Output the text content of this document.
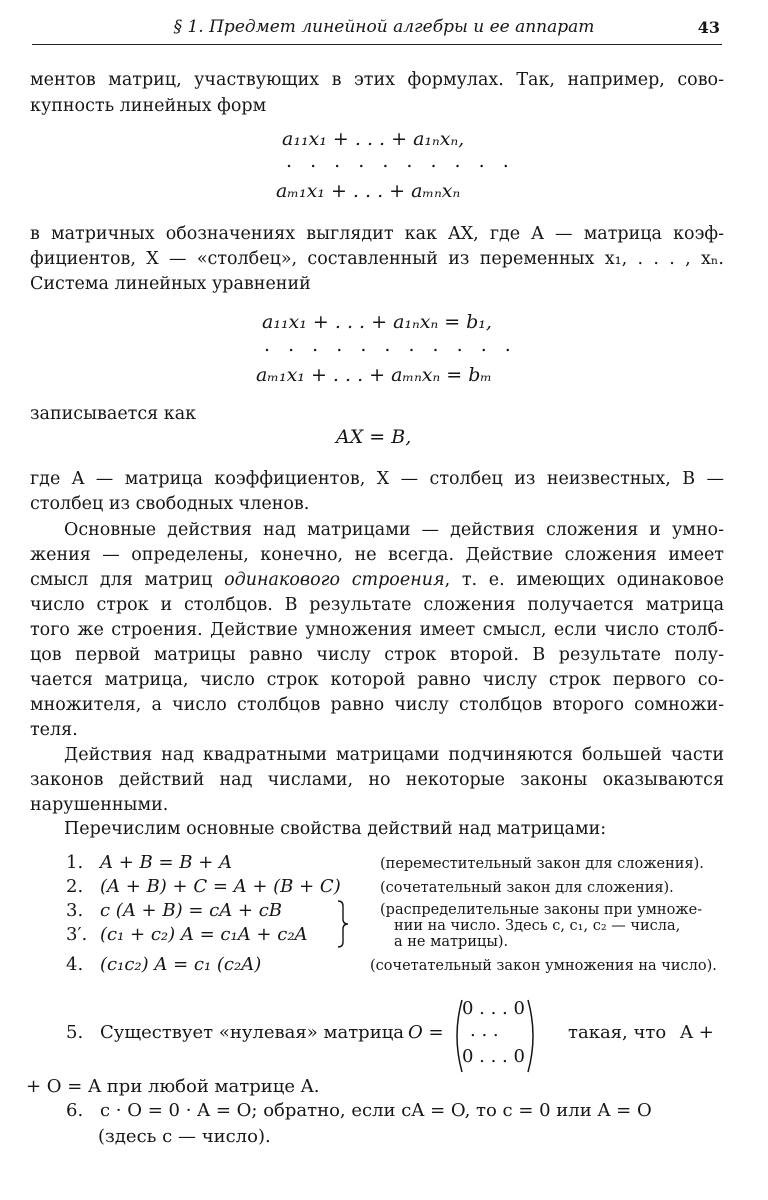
§ 1. Предмет линейной алгебры и ее аппарат	43
ментов матриц, участвующих в этих формулах. Так, например, сово-
купность линейных форм
a₁₁x₁ + . . . + a₁ₙxₙ,
. . . . . . . . . .
aₘ₁x₁ + . . . + aₘₙxₙ
в матричных обозначениях выглядит как AX, где A — матрица коэф-
фициентов, X — «столбец», составленный из переменных x₁, . . . , xₙ.
Система линейных уравнений
a₁₁x₁ + . . . + a₁ₙxₙ = b₁,
. . . . . . . . . . .
aₘ₁x₁ + . . . + aₘₙxₙ = bₘ
записывается как
AX = B,
где A — матрица коэффициентов, X — столбец из неизвестных, B —
столбец из свободных членов.
Основные действия над матрицами — действия сложения и умно-
жения — определены, конечно, не всегда. Действие сложения имеет
смысл для матриц одинакового строения, т. е. имеющих одинаковое
число строк и столбцов. В результате сложения получается матрица
того же строения. Действие умножения имеет смысл, если число столб-
цов первой матрицы равно числу строк второй. В результате полу-
чается матрица, число строк которой равно числу строк первого со-
множителя, а число столбцов равно числу столбцов второго сомножи-
теля.
Действия над квадратными матрицами подчиняются большей части
законов действий над числами, но некоторые законы оказываются
нарушенными.
Перечислим основные свойства действий над матрицами:
1. A + B = B + A	(переместительный закон для сложения).
2. (A + B) + C = A + (B + C)	(сочетательный закон для сложения).
3. c (A + B) = cA + cB
3′. (c₁ + c₂) A = c₁A + c₂A
(распределительные законы при умноже-
нии на число. Здесь c, c₁, c₂ — числа,
а не матрицы).
4. (c₁c₂) A = c₁ (c₂A)	(сочетательный закон умножения на число).
5. Существует «нулевая» матрица O =
0 . . . 0
. . .
0 . . . 0
такая, что A +
+ O = A при любой матрице A.
6. c · O = 0 · A = O; обратно, если cA = O, то c = 0 или A = O
(здесь c — число).
